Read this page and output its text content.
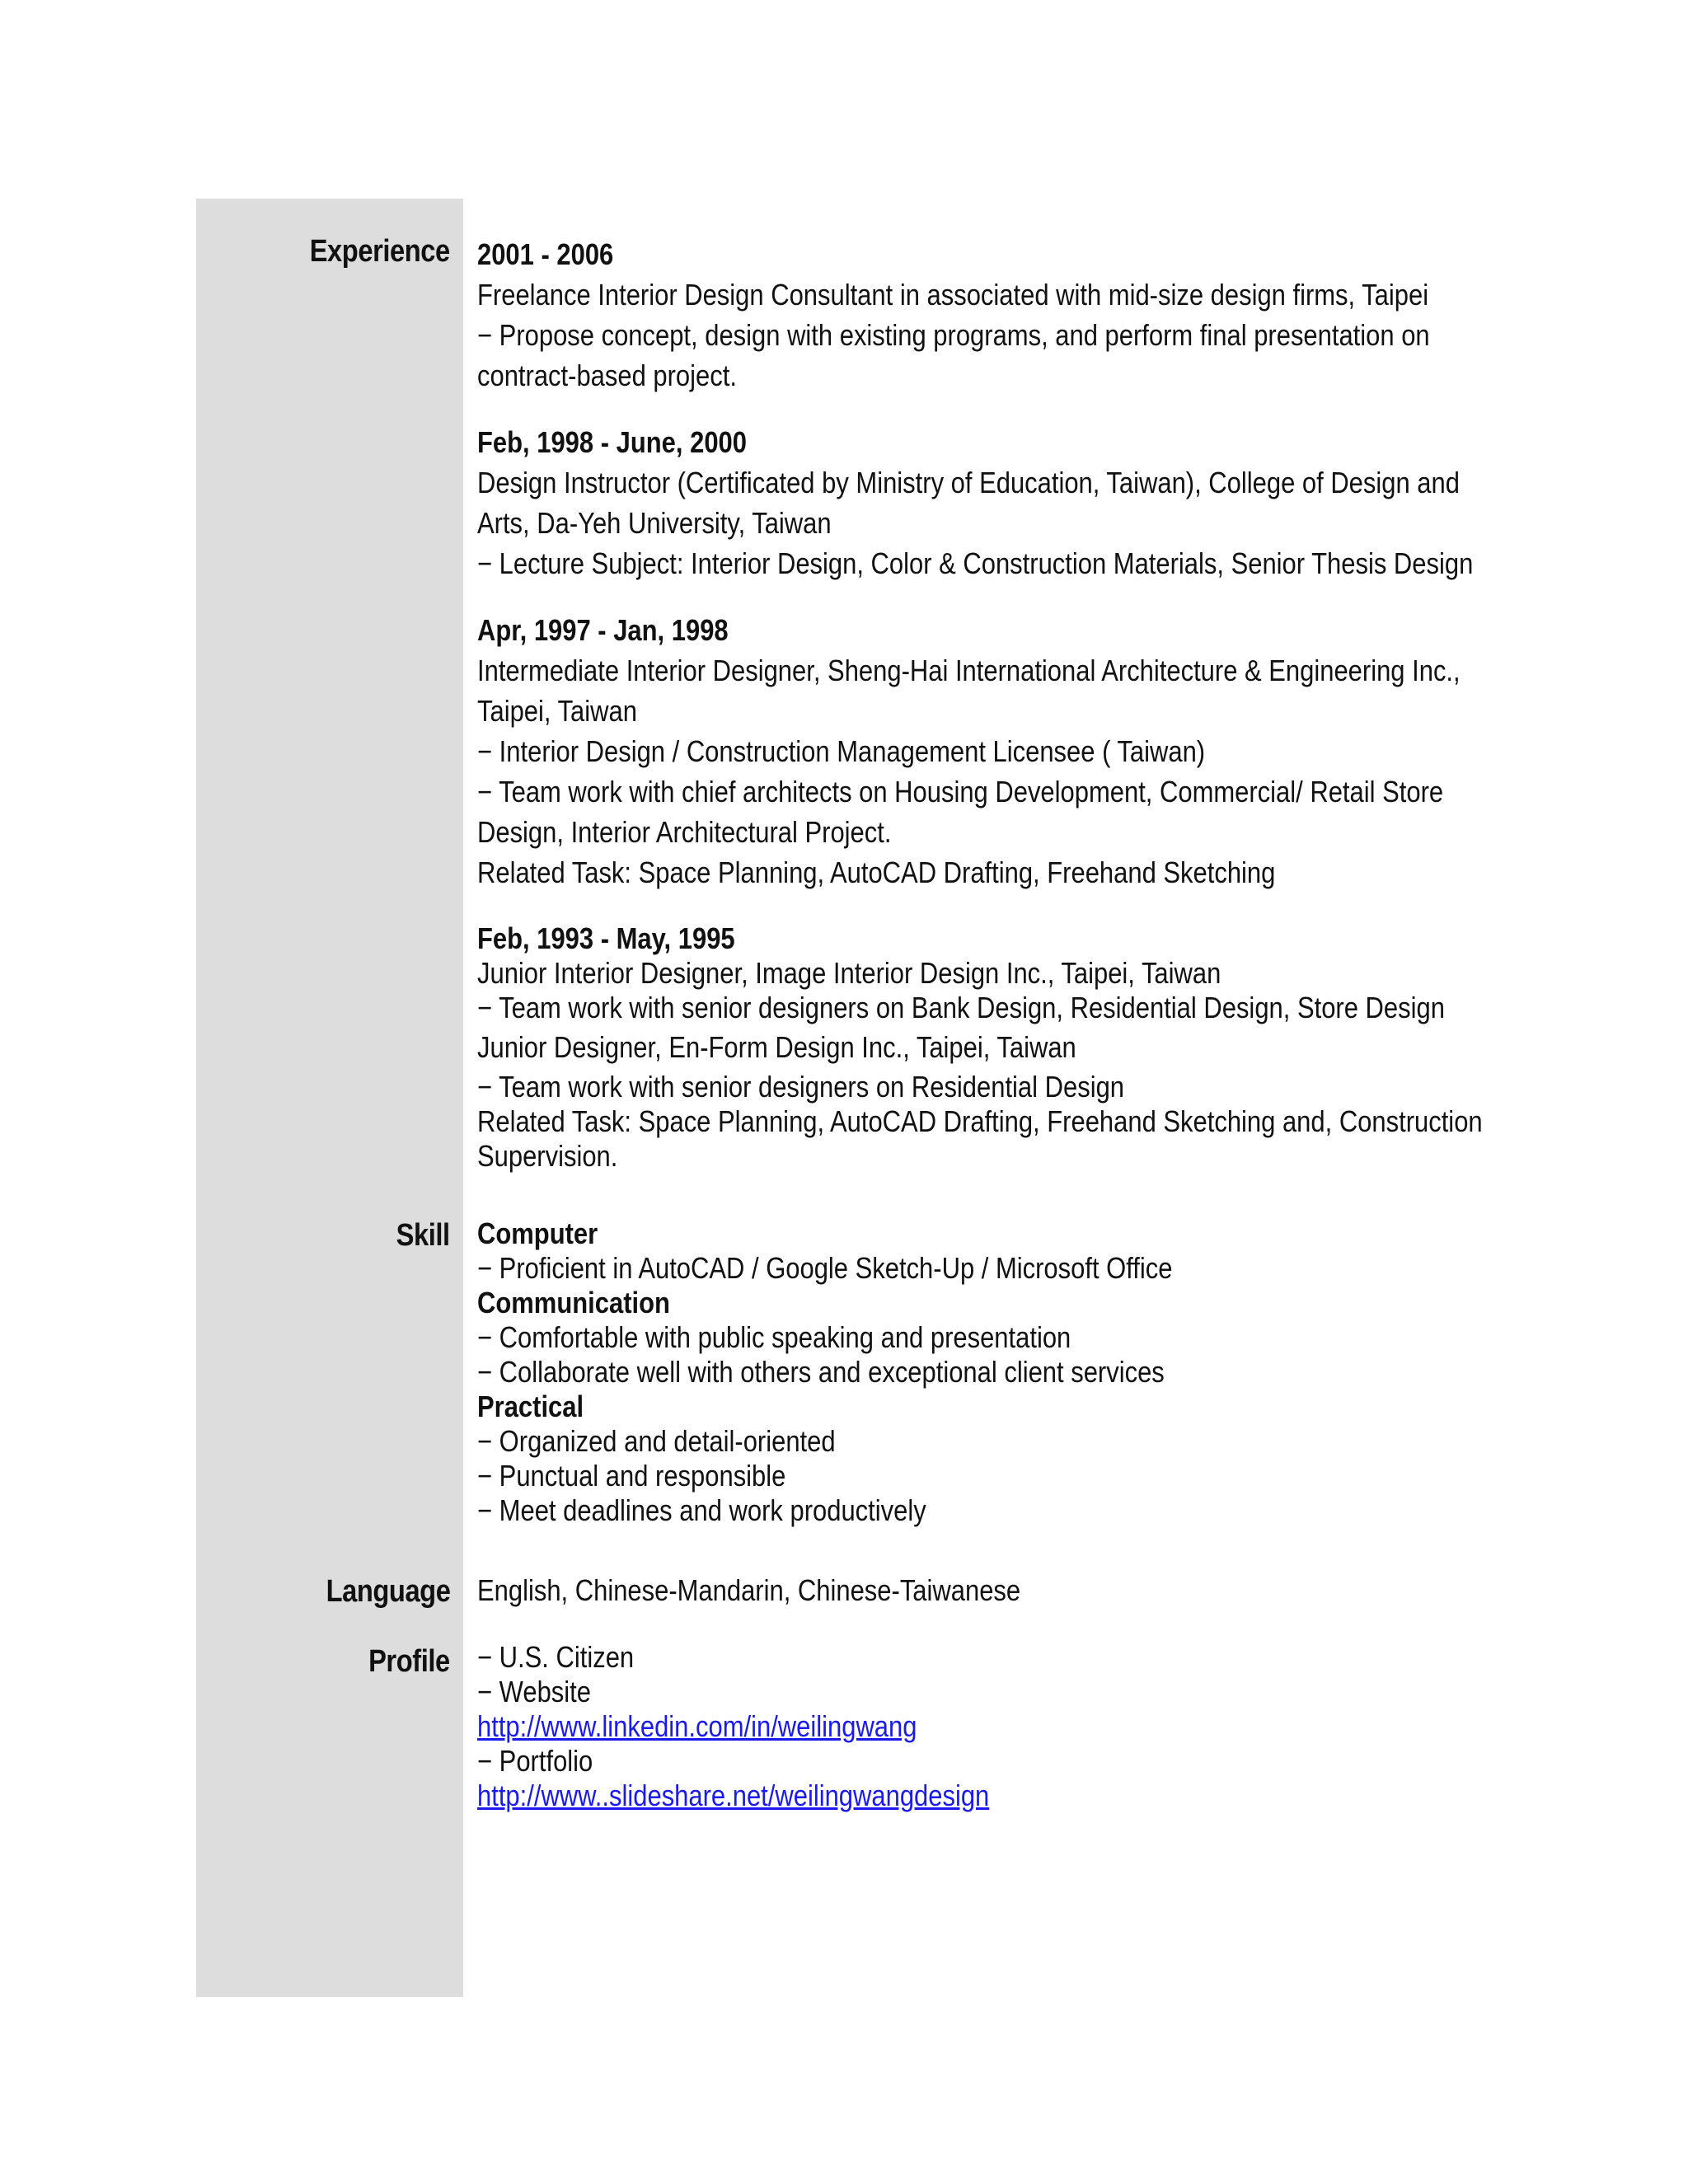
Experience 2001 - 2006
Freelance Interior Design Consultant in associated with mid-size design firms, Taipei
− Propose concept, design with existing programs, and perform final presentation on
contract-based project.
Feb, 1998 - June, 2000
Design Instructor (Certificated by Ministry of Education, Taiwan), College of Design and
Arts, Da-Yeh University, Taiwan
− Lecture Subject: Interior Design, Color & Construction Materials, Senior Thesis Design
Apr, 1997 - Jan, 1998
Intermediate Interior Designer, Sheng-Hai International Architecture & Engineering Inc.,
Taipei, Taiwan
− Interior Design / Construction Management Licensee ( Taiwan)
− Team work with chief architects on Housing Development, Commercial/ Retail Store
Design, Interior Architectural Project.
Related Task: Space Planning, AutoCAD Drafting, Freehand Sketching
Feb, 1993 - May, 1995
Junior Interior Designer, Image Interior Design Inc., Taipei, Taiwan
− Team work with senior designers on Bank Design, Residential Design, Store Design
Junior Designer, En-Form Design Inc., Taipei, Taiwan
− Team work with senior designers on Residential Design
Related Task: Space Planning, AutoCAD Drafting, Freehand Sketching and, Construction
Supervision.
Skill Computer
− Proficient in AutoCAD / Google Sketch-Up / Microsoft Office
Communication
− Comfortable with public speaking and presentation
− Collaborate well with others and exceptional client services
Practical
− Organized and detail-oriented
− Punctual and responsible
− Meet deadlines and work productively
Language English, Chinese-Mandarin, Chinese-Taiwanese
Profile − U.S. Citizen
− Website
http://www.linkedin.com/in/weilingwang
− Portfolio
http://www..slideshare.net/weilingwangdesign
